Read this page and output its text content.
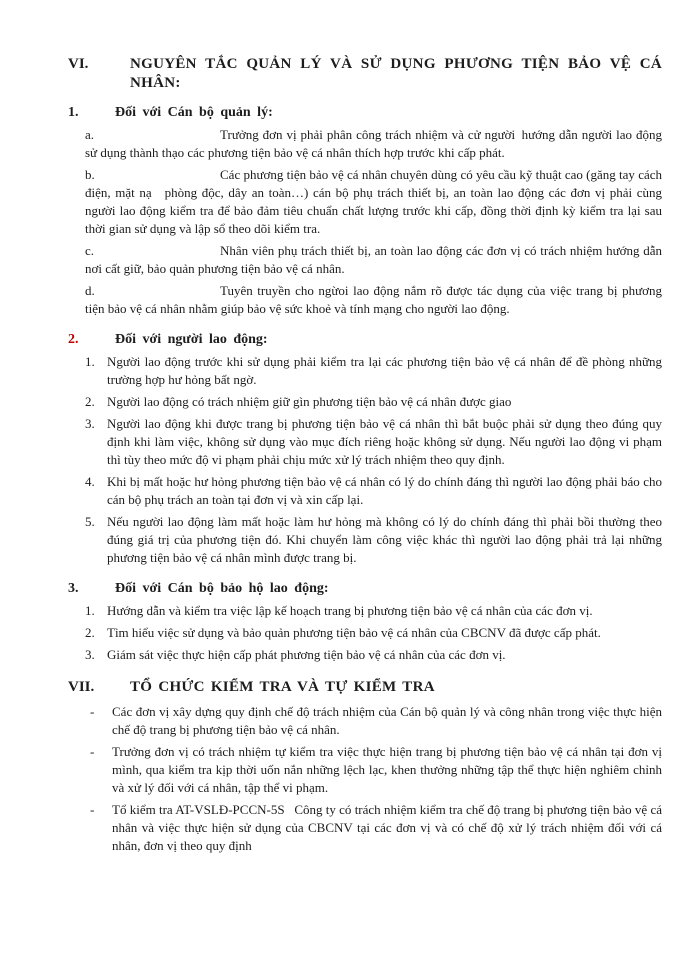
VI.	NGUYÊN TẮC QUẢN LÝ VÀ SỬ DỤNG PHƯƠNG TIỆN BẢO VỆ CÁ NHÂN:
1.	Đối với Cán bộ quản lý:
a.	Trưởng đơn vị phải phân công trách nhiệm và cử người hướng dẫn người lao động sử dụng thành thạo các phương tiện bảo vệ cá nhân thích hợp trước khi cấp phát.
b.	Các phương tiện bảo vệ cá nhân chuyên dùng có yêu cầu kỹ thuật cao (găng tay cách điện, mặt nạ phòng độc, dây an toàn…) cán bộ phụ trách thiết bị, an toàn lao động các đơn vị phải cùng người lao động kiểm tra để bảo đảm tiêu chuẩn chất lượng trước khi cấp, đồng thời định kỳ kiểm tra lại sau thời gian sử dụng và lập sổ theo dõi kiểm tra.
c.	Nhân viên phụ trách thiết bị, an toàn lao động các đơn vị có trách nhiệm hướng dẫn nơi cất giữ, bảo quản phương tiện bảo vệ cá nhân.
d.	Tuyên truyền cho ngừoi lao động nắm rõ được tác dụng của việc trang bị phương tiện bảo vệ cá nhân nhằm giúp bảo vệ sức khoẻ và tính mạng cho người lao động.
2.	Đối với người lao động:
1. Người lao động trước khi sử dụng phải kiểm tra lại các phương tiện bảo vệ cá nhân để đề phòng những trường hợp hư hỏng bất ngờ.
2. Người lao động có trách nhiệm giữ gìn phương tiện bảo vệ cá nhân được giao
3. Người lao động khi được trang bị phương tiện bảo vệ cá nhân thì bắt buộc phải sử dụng theo đúng quy định khi làm việc, không sử dụng vào mục đích riêng hoặc không sử dụng. Nếu người lao động vi phạm thì tùy theo mức độ vi phạm phải chịu mức xử lý trách nhiệm theo quy định.
4. Khi bị mất hoặc hư hỏng phương tiện bảo vệ cá nhân có lý do chính đáng thì người lao động phải báo cho cán bộ phụ trách an toàn tại đơn vị và xin cấp lại.
5. Nếu người lao động làm mất hoặc làm hư hỏng mà không có lý do chính đáng thì phải bồi thường theo đúng giá trị của phương tiện đó. Khi chuyển làm công việc khác thì người lao động phải trả lại những phương tiện bảo vệ cá nhân mình được trang bị.
3.	Đối với Cán bộ bảo hộ lao động:
1. Hướng dẫn và kiểm tra việc lập kế hoạch trang bị phương tiện bảo vệ cá nhân của các đơn vị.
2. Tìm hiểu việc sử dụng và bảo quản phương tiện bảo vệ cá nhân của CBCNV đã được cấp phát.
3. Giám sát việc thực hiện cấp phát phương tiện bảo vệ cá nhân của các đơn vị.
VII.	TỔ CHỨC KIỂM TRA VÀ TỰ KIỂM TRA
-	Các đơn vị xây dựng quy định chế độ trách nhiệm của Cán bộ quản lý và công nhân trong việc thực hiện chế độ trang bị phương tiện bảo vệ cá nhân.
-	Trưởng đơn vị có trách nhiệm tự kiểm tra việc thực hiện trang bị phương tiện bảo vệ cá nhân tại đơn vị mình, qua kiểm tra kịp thời uốn nắn những lệch lạc, khen thưởng những tập thể thực hiện nghiêm chỉnh và xử lý đối với cá nhân, tập thể vi phạm.
-	Tổ kiểm tra AT-VSLĐ-PCCN-5S  Công ty có trách nhiệm kiểm tra chế độ trang bị phương tiện bảo vệ cá nhân và việc thực hiện sử dụng của CBCNV tại các đơn vị và có chế độ xử lý trách nhiệm đối với cá nhân, đơn vị theo quy định
